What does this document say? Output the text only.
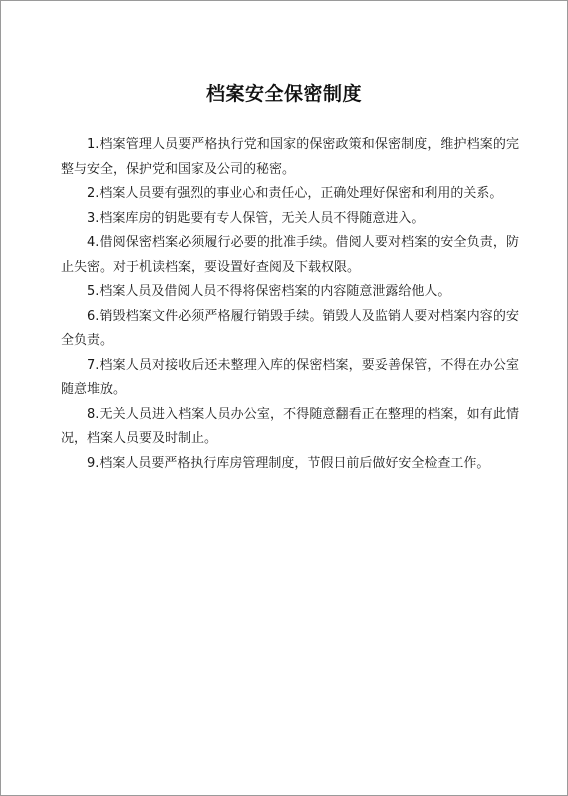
档案安全保密制度

1.档案管理人员要严格执行党和国家的保密政策和保密制度，维护档案的完整与安全，保护党和国家及公司的秘密。

2.档案人员要有强烈的事业心和责任心，正确处理好保密和利用的关系。

3.档案库房的钥匙要有专人保管，无关人员不得随意进入。

4.借阅保密档案必须履行必要的批准手续。借阅人要对档案的安全负责，防止失密。对于机读档案，要设置好查阅及下载权限。

5.档案人员及借阅人员不得将保密档案的内容随意泄露给他人。

6.销毁档案文件必须严格履行销毁手续。销毁人及监销人要对档案内容的安全负责。

7.档案人员对接收后还未整理入库的保密档案，要妥善保管，不得在办公室随意堆放。

8.无关人员进入档案人员办公室，不得随意翻看正在整理的档案，如有此情况，档案人员要及时制止。

9.档案人员要严格执行库房管理制度，节假日前后做好安全检查工作。
